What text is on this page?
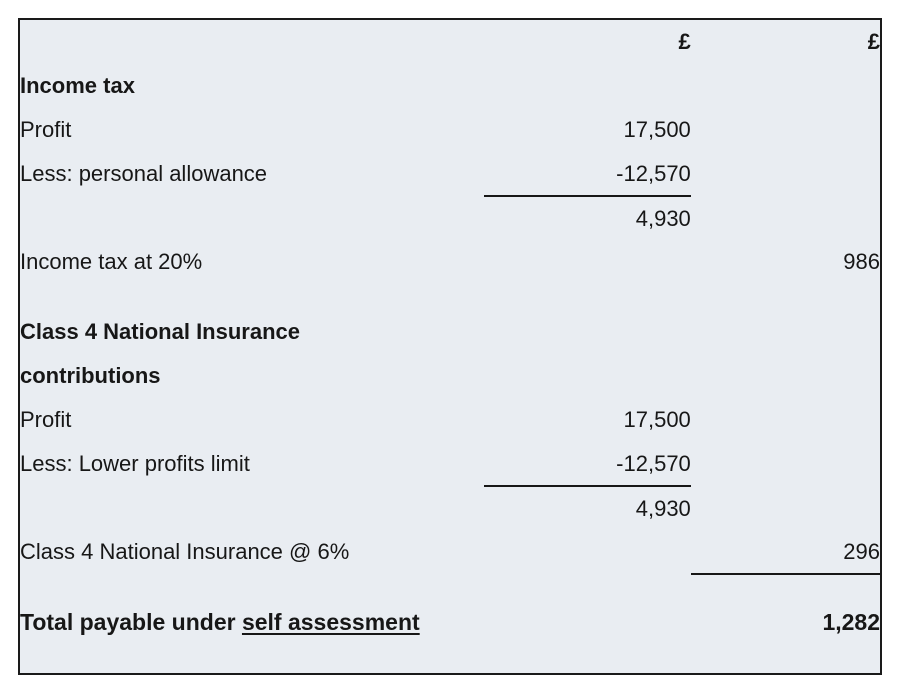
	£	£
Income tax		
Profit	17,500	
Less: personal allowance	-12,570	
	4,930	
Income tax at 20%		986

Class 4 National Insurance		
contributions		
Profit	17,500	
Less: Lower profits limit	-12,570	
	4,930	
Class 4 National Insurance @ 6%		296

Total payable under self assessment		1,282
